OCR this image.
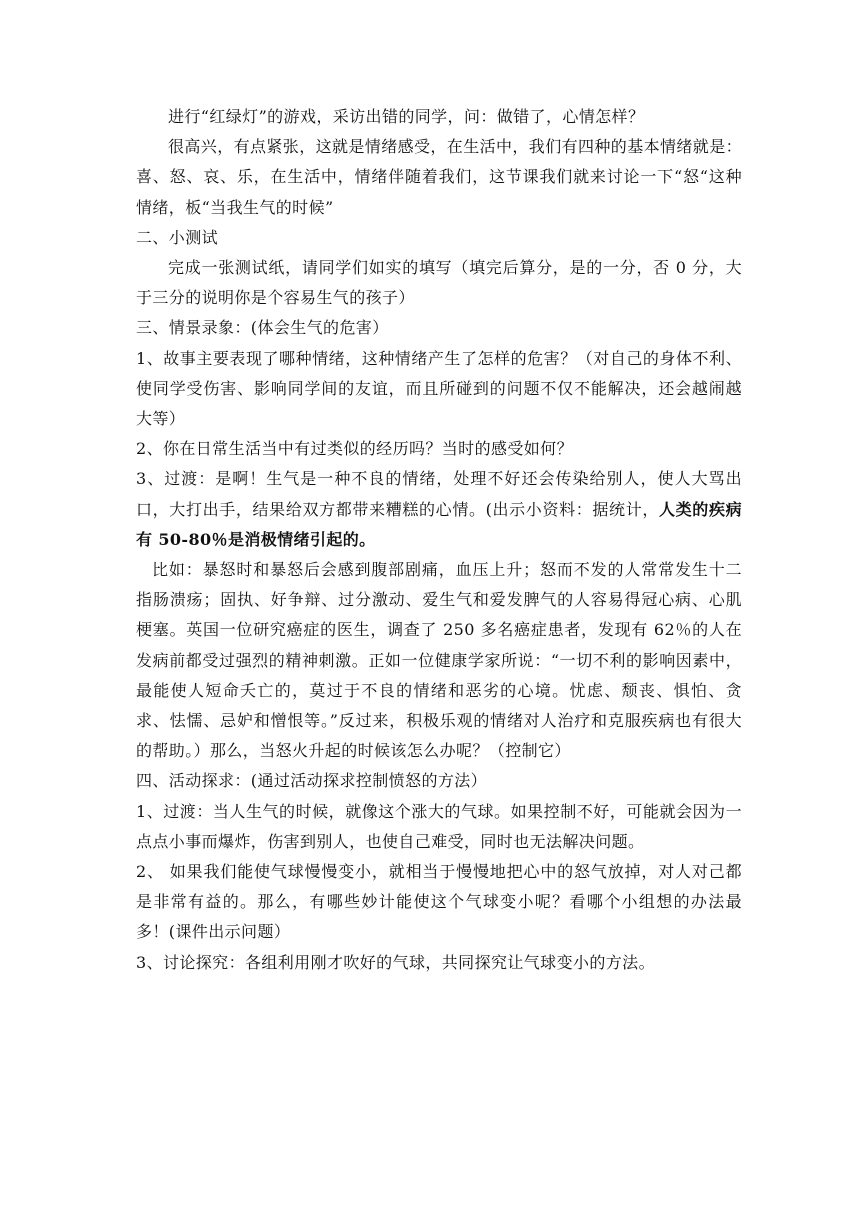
进行“红绿灯”的游戏，采访出错的同学，问：做错了，心情怎样？

很高兴，有点紧张，这就是情绪感受，在生活中，我们有四种的基本情绪就是：喜、怒、哀、乐，在生活中，情绪伴随着我们，这节课我们就来讨论一下“怒“这种情绪，板“当我生气的时候”

二、小测试

完成一张测试纸，请同学们如实的填写（填完后算分，是的一分，否 0 分，大于三分的说明你是个容易生气的孩子）

三、情景录象：(体会生气的危害）

1、故事主要表现了哪种情绪，这种情绪产生了怎样的危害？（对自己的身体不利、使同学受伤害、影响同学间的友谊，而且所碰到的问题不仅不能解决，还会越闹越大等）

2、你在日常生活当中有过类似的经历吗？当时的感受如何？

3、过渡：是啊！生气是一种不良的情绪，处理不好还会传染给别人，使人大骂出口，大打出手，结果给双方都带来糟糕的心情。(出示小资料：据统计，人类的疾病有 50-80％是消极情绪引起的。

比如：暴怒时和暴怒后会感到腹部剧痛，血压上升；怒而不发的人常常发生十二指肠溃疡；固执、好争辩、过分激动、爱生气和爱发脾气的人容易得冠心病、心肌梗塞。英国一位研究癌症的医生，调查了 250 多名癌症患者，发现有 62％的人在发病前都受过强烈的精神刺激。正如一位健康学家所说：“一切不利的影响因素中，最能使人短命夭亡的，莫过于不良的情绪和恶劣的心境。忧虑、颓丧、惧怕、贪求、怯懦、忌妒和憎恨等。”反过来，积极乐观的情绪对人治疗和克服疾病也有很大的帮助。）那么，当怒火升起的时候该怎么办呢？（控制它）

四、活动探求：(通过活动探求控制愤怒的方法）

1、过渡：当人生气的时候，就像这个涨大的气球。如果控制不好，可能就会因为一点点小事而爆炸，伤害到别人，也使自己难受，同时也无法解决问题。

2、 如果我们能使气球慢慢变小，就相当于慢慢地把心中的怒气放掉，对人对己都是非常有益的。那么，有哪些妙计能使这个气球变小呢？看哪个小组想的办法最多！(课件出示问题）

3、讨论探究：各组利用刚才吹好的气球，共同探究让气球变小的方法。
